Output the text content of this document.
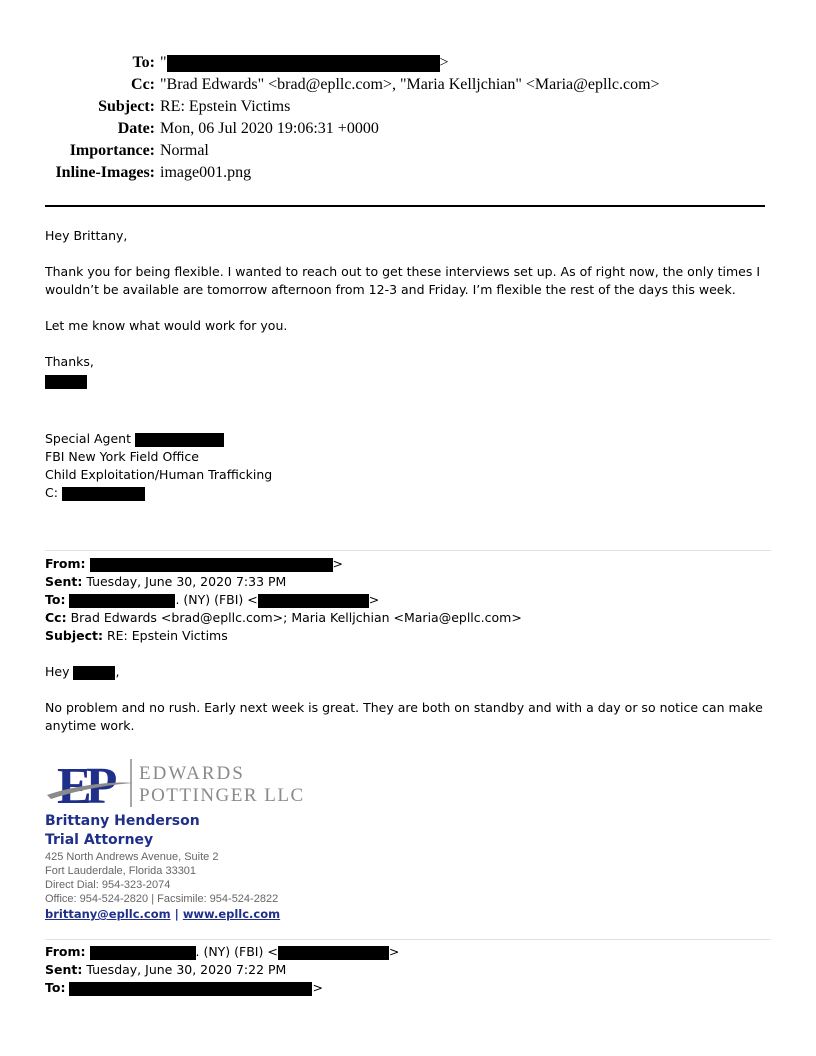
To: "	>
Cc: "Brad Edwards" <brad@epllc.com>, "Maria Kelljchian" <Maria@epllc.com>
Subject: RE: Epstein Victims
Date: Mon, 06 Jul 2020 19:06:31 +0000
Importance: Normal
Inline-Images: image001.png

Hey Brittany,

Thank you for being flexible. I wanted to reach out to get these interviews set up. As of right now, the only times I wouldn’t be available are tomorrow afternoon from 12-3 and Friday. I’m flexible the rest of the days this week.

Let me know what would work for you.

Thanks,

Special Agent
FBI New York Field Office
Child Exploitation/Human Trafficking
C:
From:	>
Sent: Tuesday, June 30, 2020 7:33 PM
To:	. (NY) (FBI) <	>
Cc: Brad Edwards <brad@epllc.com>; Maria Kelljchian <Maria@epllc.com>
Subject: RE: Epstein Victims
Hey	,

No problem and no rush. Early next week is great. They are both on standby and with a day or so notice can make anytime work.

EP EDWARDS
POTTINGER LLC
Brittany Henderson
Trial Attorney
425 North Andrews Avenue, Suite 2
Fort Lauderdale, Florida 33301
Direct Dial: 954-323-2074
Office: 954-524-2820 | Facsimile: 954-524-2822
brittany@epllc.com | www.epllc.com
From:	. (NY) (FBI) <	>
Sent: Tuesday, June 30, 2020 7:22 PM
To:	>
